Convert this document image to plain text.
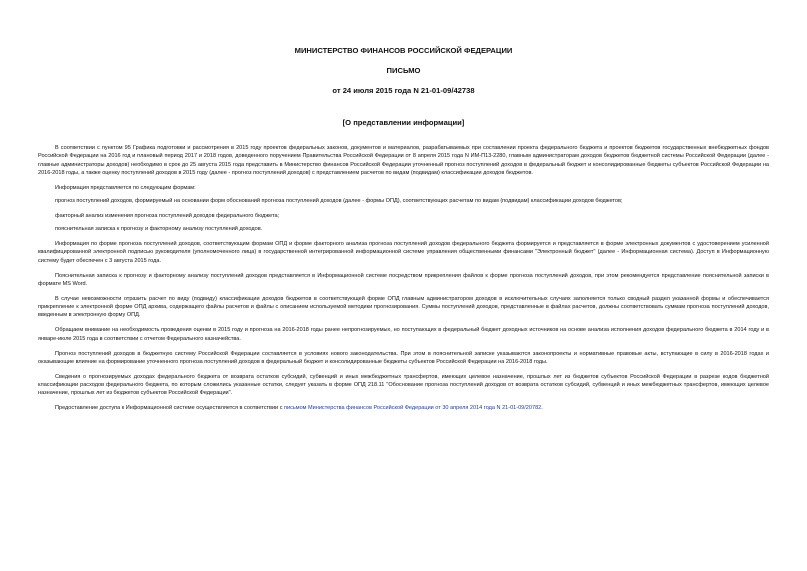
МИНИСТЕРСТВО ФИНАНСОВ РОССИЙСКОЙ ФЕДЕРАЦИИ
ПИСЬМО
от 24 июля 2015 года N 21-01-09/42738
[О представлении информации]

В соответствии с пунктом 95 Графика подготовки и рассмотрения в 2015 году проектов федеральных законов, документов и материалов, разрабатываемых при составлении проекта федерального бюджета и проектов бюджетов государственных внебюджетных фондов Российской Федерации на 2016 год и плановый период 2017 и 2018 годов, доведенного поручением Правительства Российской Федерации от 8 апреля 2015 года N ИМ-П13-2280, главным администраторам доходов бюджетов бюджетной системы Российской Федерации (далее - главные администраторы доходов) необходимо в срок до 25 августа 2015 года представить в Министерство финансов Российской Федерации уточненный прогноз поступлений доходов в федеральный бюджет и консолидированные бюджеты субъектов Российской Федерации на 2016-2018 годы, а также оценку поступлений доходов в 2015 году (далее - прогноз поступлений доходов) с представлением расчетов по видам (подвидам) классификации доходов бюджетов.

Информация представляется по следующим формам:

прогноз поступлений доходов, формируемый на основании форм обоснований прогноза поступлений доходов (далее - формы ОПД), соответствующих расчетам по видам (подвидам) классификации доходов бюджетов;

факторный анализ изменения прогноза поступлений доходов федерального бюджета;

пояснительная записка к прогнозу и факторному анализу поступлений доходов.

Информация по форме прогноза поступлений доходов, соответствующим формам ОПД и форме факторного анализа прогноза поступлений доходов федерального бюджета формируется и представляется в форме электронных документов с удостоверением усиленной квалифицированной электронной подписью руководителя (уполномоченного лица) в государственной интегрированной информационной системе управления общественными финансами "Электронный бюджет" (далее - Информационная система). Доступ в Информационную систему будет обеспечен с 3 августа 2015 года.

Пояснительная записка к прогнозу и факторному анализу поступлений доходов представляется в Информационной системе посредством прикрепления файлов к форме прогноза поступлений доходов, при этом рекомендуется представление пояснительной записки в формате MS Word.

В случае невозможности отразить расчет по виду (подвиду) классификации доходов бюджетов в соответствующей форме ОПД главным администратором доходов в исключительных случаях заполняется только сводный раздел указанной формы и обеспечивается прикрепление к электронной форме ОПД архива, содержащего файлы расчетов и файлы с описанием используемой методики прогнозирования. Суммы поступлений доходов, представленные в файлах расчетов, должны соответствовать суммам прогноза поступлений доходов, введенным в электронную форму ОПД.

Обращаем внимание на необходимость проведения оценки в 2015 году и прогноза на 2016-2018 годы ранее непрогнозируемых, но поступающих в федеральный бюджет доходных источников на основе анализа исполнения доходов федерального бюджета в 2014 году и в январе-июле 2015 года в соответствии с отчетом Федерального казначейства.

Прогноз поступлений доходов в бюджетную систему Российской Федерации составляется в условиях нового законодательства. При этом в пояснительной записке указываются законопроекты и нормативные правовые акты, вступающие в силу в 2016-2018 годах и оказывающие влияние на формирование уточненного прогноза поступлений доходов в федеральный бюджет и консолидированные бюджеты субъектов Российской Федерации на 2016-2018 годы.

Сведения о прогнозируемых доходах федерального бюджета от возврата остатков субсидий, субвенций и иных межбюджетных трансфертов, имеющих целевое назначение, прошлых лет из бюджетов субъектов Российской Федерации в разрезе кодов бюджетной классификации расходов федерального бюджета, по которым сложились указанные остатки, следует указать в форме ОПД 218.11 "Обоснование прогноза поступлений доходов от возврата остатков субсидий, субвенций и иных межбюджетных трансфертов, имеющих целевое назначение, прошлых лет из бюджетов субъектов Российской Федерации".

Предоставление доступа к Информационной системе осуществляется в соответствии с письмом Министерства финансов Российской Федерации от 30 апреля 2014 года N 21-01-09/20782.
